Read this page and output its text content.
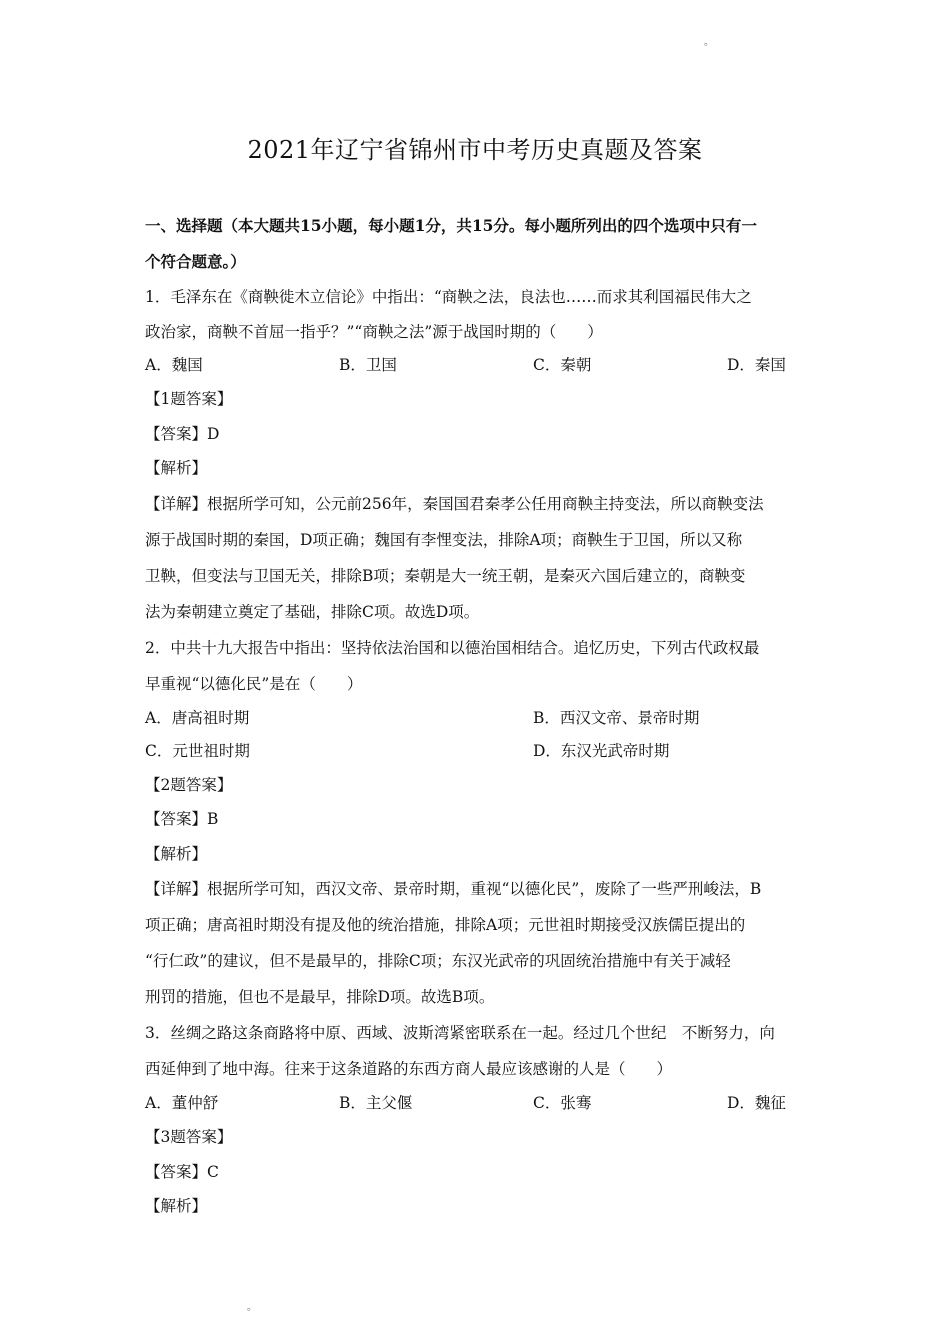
。
2021年辽宁省锦州市中考历史真题及答案
一、选择题（本大题共15小题，每小题1分，共15分。每小题所列出的四个选项中只有一
个符合题意。）
1．毛泽东在《商鞅徙木立信论》中指出：“商鞅之法，良法也……而求其利国福民伟大之
政治家，商鞅不首屈一指乎？”“商鞅之法”源于战国时期的（　　）
A．魏国	B．卫国	C．秦朝	D．秦国
【1题答案】
【答案】D
【解析】
【详解】根据所学可知，公元前256年，秦国国君秦孝公任用商鞅主持变法，所以商鞅变法
源于战国时期的秦国，D项正确；魏国有李悝变法，排除A项；商鞅生于卫国，所以又称
卫鞅，但变法与卫国无关，排除B项；秦朝是大一统王朝，是秦灭六国后建立的，商鞅变
法为秦朝建立奠定了基础，排除C项。故选D项。
2．中共十九大报告中指出：坚持依法治国和以德治国相结合。追忆历史，下列古代政权最
早重视“以德化民”是在（　　）
A．唐高祖时期	B．西汉文帝、景帝时期
C．元世祖时期	D．东汉光武帝时期
【2题答案】
【答案】B
【解析】
【详解】根据所学可知，西汉文帝、景帝时期，重视“以德化民”，废除了一些严刑峻法，B
项正确；唐高祖时期没有提及他的统治措施，排除A项；元世祖时期接受汉族儒臣提出的
“行仁政”的建议，但不是最早的，排除C项；东汉光武帝的巩固统治措施中有关于减轻
刑罚的措施，但也不是最早，排除D项。故选B项。
3．丝绸之路这条商路将中原、西域、波斯湾紧密联系在一起。经过几个世纪　不断努力，向
西延伸到了地中海。往来于这条道路的东西方商人最应该感谢的人是（　　）
A．董仲舒	B．主父偃	C．张骞	D．魏征
【3题答案】
【答案】C
【解析】
。
